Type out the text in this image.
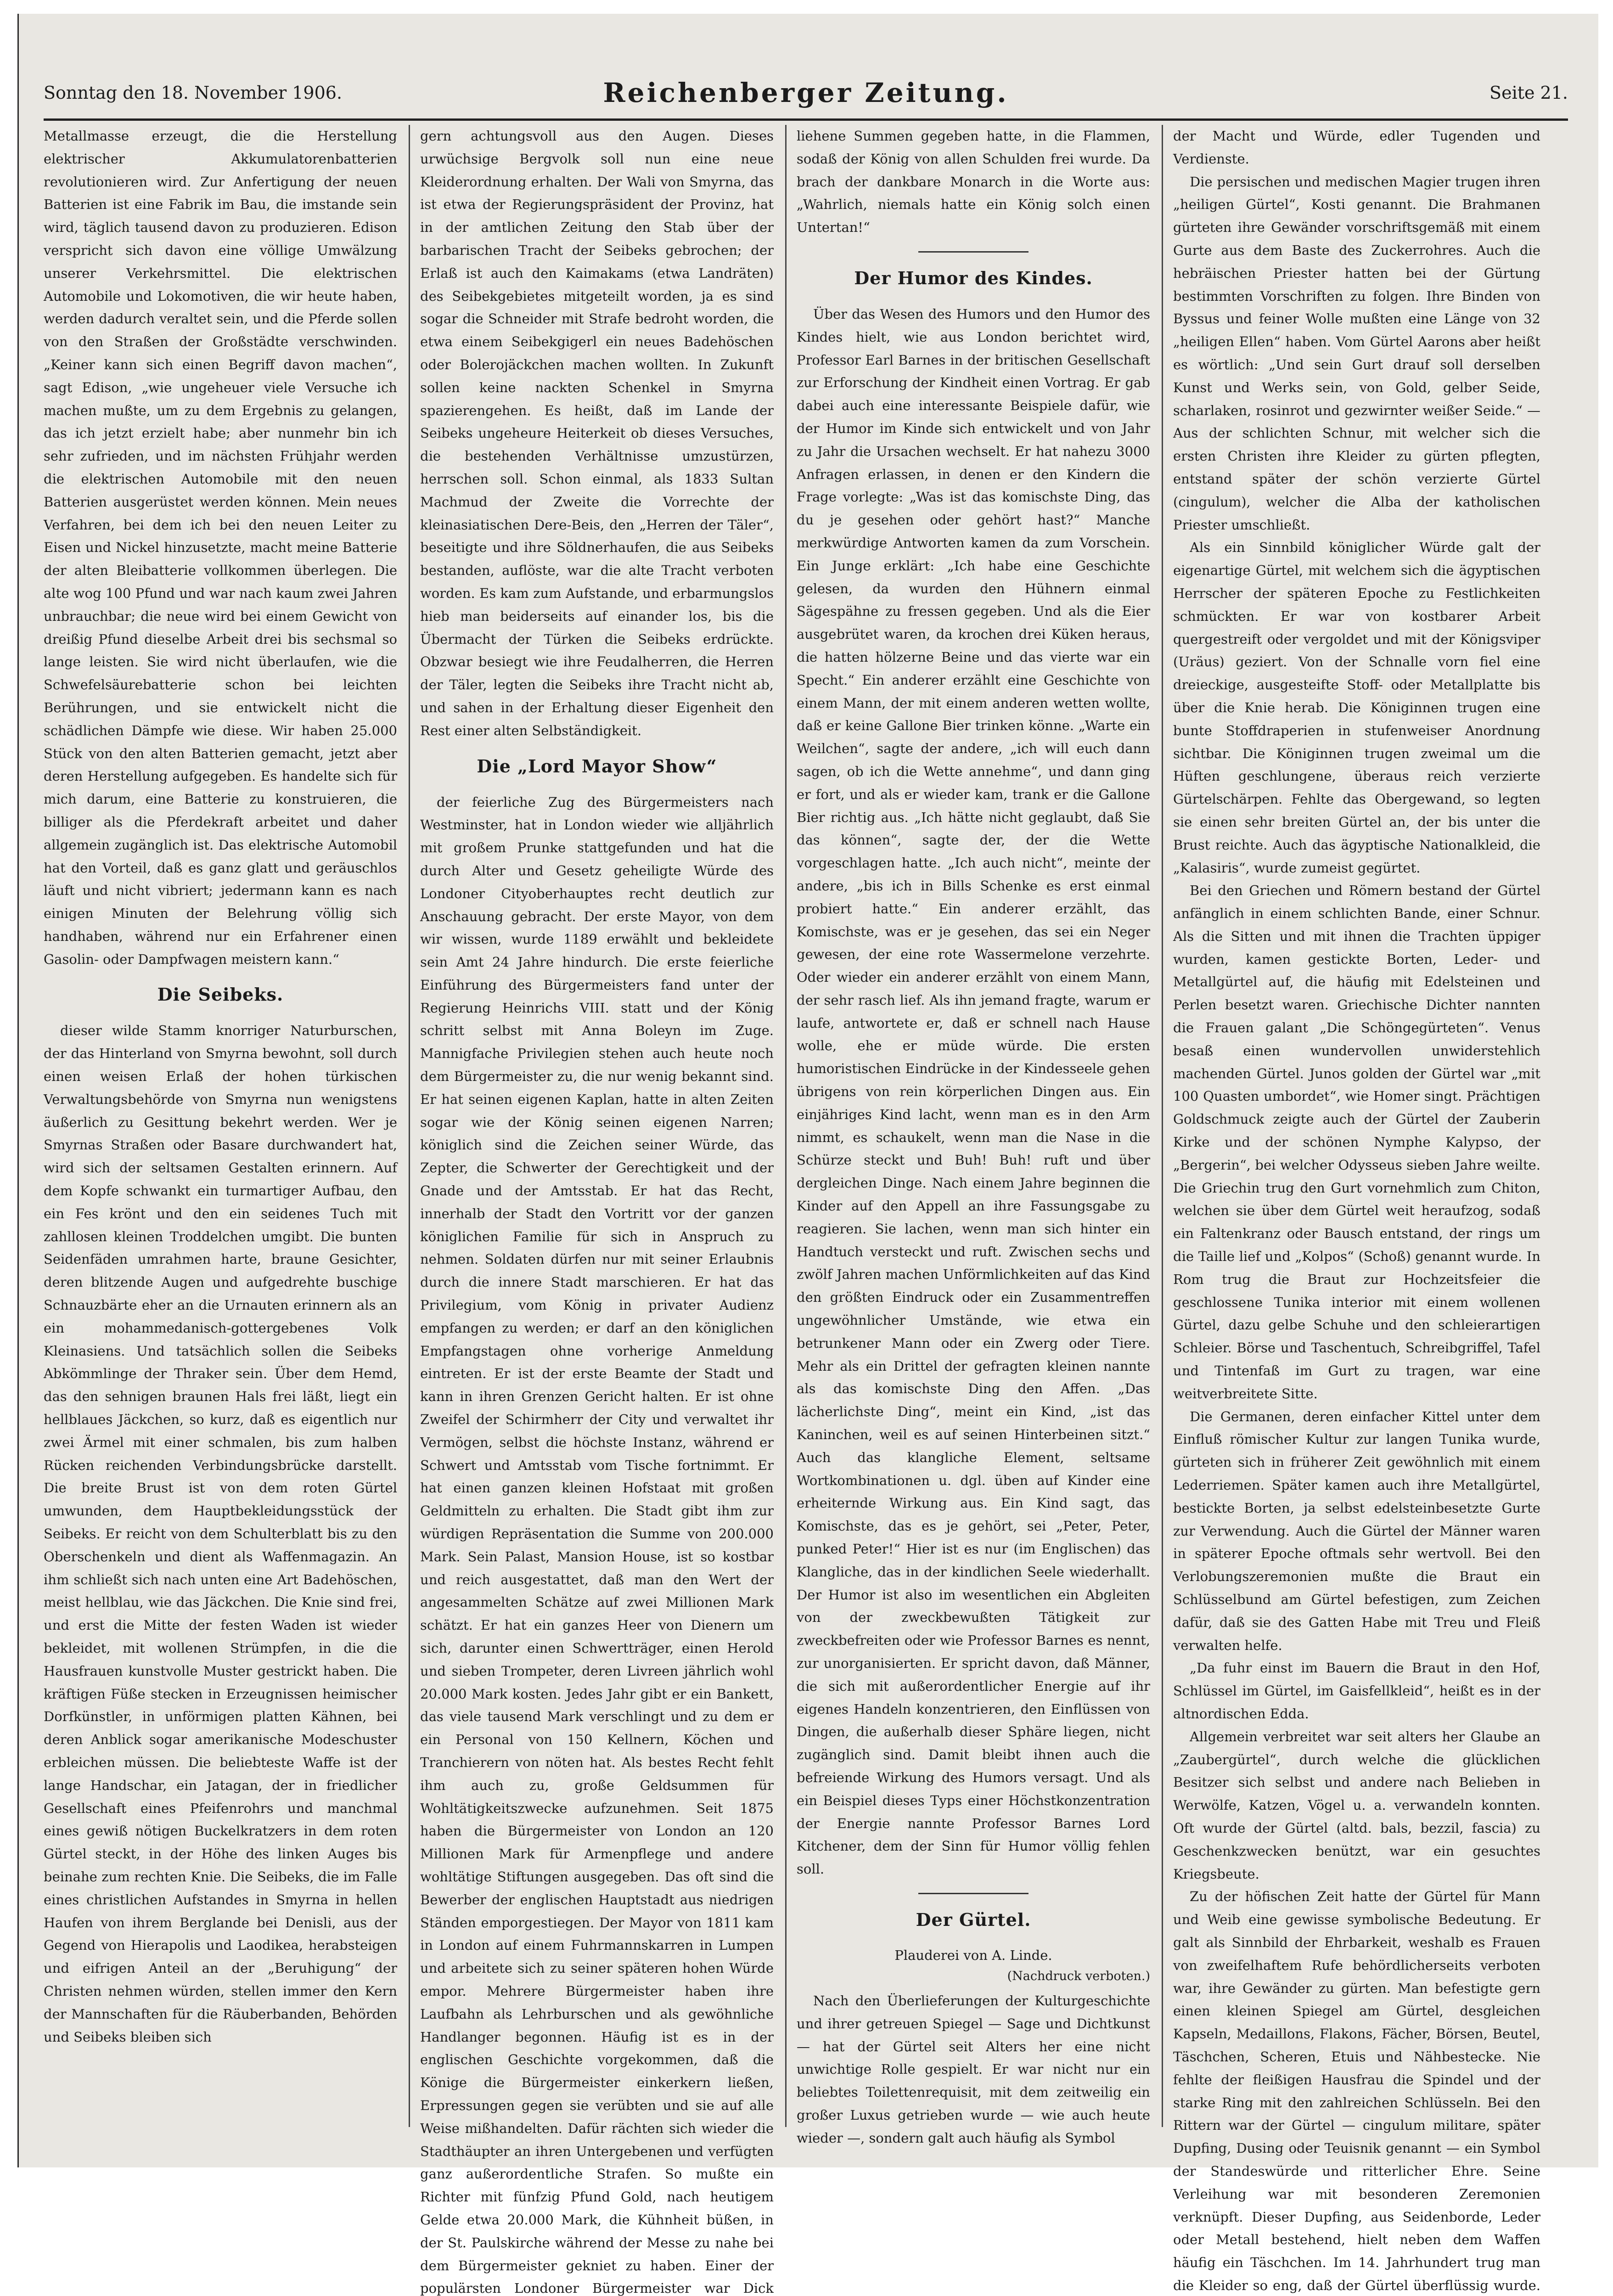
Sonntag den 18. November 1906.	Reichenberger Zeitung.	Seite 21.

Metallmasse erzeugt, die die Herstellung elektrischer Akkumulatorenbatterien revolutionieren wird. Zur Anfertigung der neuen Batterien ist eine Fabrik im Bau, die imstande sein wird, täglich tausend davon zu produzieren. Edison verspricht sich davon eine völlige Umwälzung unserer Verkehrsmittel. Die elektrischen Automobile und Lokomotiven, die wir heute haben, werden dadurch veraltet sein, und die Pferde sollen von den Straßen der Großstädte verschwinden. „Keiner kann sich einen Begriff davon machen“, sagt Edison, „wie ungeheuer viele Versuche ich machen mußte, um zu dem Ergebnis zu gelangen, das ich jetzt erzielt habe; aber nunmehr bin ich sehr zufrieden, und im nächsten Frühjahr werden die elektrischen Automobile mit den neuen Batterien ausgerüstet werden können. Mein neues Verfahren, bei dem ich bei den neuen Leiter zu Eisen und Nickel hinzusetzte, macht meine Batterie der alten Bleibatterie vollkommen überlegen. Die alte wog 100 Pfund und war nach kaum zwei Jahren unbrauchbar; die neue wird bei einem Gewicht von dreißig Pfund dieselbe Arbeit drei bis sechsmal so lange leisten. Sie wird nicht überlaufen, wie die Schwefelsäurebatterie schon bei leichten Berührungen, und sie entwickelt nicht die schädlichen Dämpfe wie diese. Wir haben 25.000 Stück von den alten Batterien gemacht, jetzt aber deren Herstellung aufgegeben. Es handelte sich für mich darum, eine Batterie zu konstruieren, die billiger als die Pferdekraft arbeitet und daher allgemein zugänglich ist. Das elektrische Automobil hat den Vorteil, daß es ganz glatt und geräuschlos läuft und nicht vibriert; jedermann kann es nach einigen Minuten der Belehrung völlig sich handhaben, während nur ein Erfahrener einen Gasolin- oder Dampfwagen meistern kann.“

Die Seibeks.

dieser wilde Stamm knorriger Naturburschen, der das Hinterland von Smyrna bewohnt, soll durch einen weisen Erlaß der hohen türkischen Verwaltungsbehörde von Smyrna nun wenigstens äußerlich zu Gesittung bekehrt werden. Wer je Smyrnas Straßen oder Basare durchwandert hat, wird sich der seltsamen Gestalten erinnern. Auf dem Kopfe schwankt ein turmartiger Aufbau, den ein Fes krönt und den ein seidenes Tuch mit zahllosen kleinen Troddelchen umgibt. Die bunten Seidenfäden umrahmen harte, braune Gesichter, deren blitzende Augen und aufgedrehte buschige Schnauzbärte eher an die Urnauten erinnern als an ein mohammedanisch-gottergebenes Volk Kleinasiens. Und tatsächlich sollen die Seibeks Abkömmlinge der Thraker sein. Über dem Hemd, das den sehnigen braunen Hals frei läßt, liegt ein hellblaues Jäckchen, so kurz, daß es eigentlich nur zwei Ärmel mit einer schmalen, bis zum halben Rücken reichenden Verbindungsbrücke darstellt. Die breite Brust ist von dem roten Gürtel umwunden, dem Hauptbekleidungsstück der Seibeks. Er reicht von dem Schulterblatt bis zu den Oberschenkeln und dient als Waffenmagazin. An ihm schließt sich nach unten eine Art Badehöschen, meist hellblau, wie das Jäckchen. Die Knie sind frei, und erst die Mitte der festen Waden ist wieder bekleidet, mit wollenen Strümpfen, in die die Hausfrauen kunstvolle Muster gestrickt haben. Die kräftigen Füße stecken in Erzeugnissen heimischer Dorfkünstler, in unförmigen platten Kähnen, bei deren Anblick sogar amerikanische Modeschuster erbleichen müssen. Die beliebteste Waffe ist der lange Handschar, ein Jatagan, der in friedlicher Gesellschaft eines Pfeifenrohrs und manchmal eines gewiß nötigen Buckelkratzers in dem roten Gürtel steckt, in der Höhe des linken Auges bis beinahe zum rechten Knie. Die Seibeks, die im Falle eines christlichen Aufstandes in Smyrna in hellen Haufen von ihrem Berglande bei Denisli, aus der Gegend von Hierapolis und Laodikea, herabsteigen und eifrigen Anteil an der „Beruhigung“ der Christen nehmen würden, stellen immer den Kern der Mannschaften für die Räuberbanden, Behörden und Seibeks bleiben sich

gern achtungsvoll aus den Augen. Dieses urwüchsige Bergvolk soll nun eine neue Kleiderordnung erhalten. Der Wali von Smyrna, das ist etwa der Regierungspräsident der Provinz, hat in der amtlichen Zeitung den Stab über der barbarischen Tracht der Seibeks gebrochen; der Erlaß ist auch den Kaimakams (etwa Landräten) des Seibekgebietes mitgeteilt worden, ja es sind sogar die Schneider mit Strafe bedroht worden, die etwa einem Seibekgigerl ein neues Badehöschen oder Bolerojäckchen machen wollten. In Zukunft sollen keine nackten Schenkel in Smyrna spazierengehen. Es heißt, daß im Lande der Seibeks ungeheure Heiterkeit ob dieses Versuches, die bestehenden Verhältnisse umzustürzen, herrschen soll. Schon einmal, als 1833 Sultan Machmud der Zweite die Vorrechte der kleinasiatischen Dere-Beis, den „Herren der Täler“, beseitigte und ihre Söldnerhaufen, die aus Seibeks bestanden, auflöste, war die alte Tracht verboten worden. Es kam zum Aufstande, und erbarmungslos hieb man beiderseits auf einander los, bis die Übermacht der Türken die Seibeks erdrückte. Obzwar besiegt wie ihre Feudalherren, die Herren der Täler, legten die Seibeks ihre Tracht nicht ab, und sahen in der Erhaltung dieser Eigenheit den Rest einer alten Selbständigkeit.

Die „Lord Mayor Show“

der feierliche Zug des Bürgermeisters nach Westminster, hat in London wieder wie alljährlich mit großem Prunke stattgefunden und hat die durch Alter und Gesetz geheiligte Würde des Londoner Cityoberhauptes recht deutlich zur Anschauung gebracht. Der erste Mayor, von dem wir wissen, wurde 1189 erwählt und bekleidete sein Amt 24 Jahre hindurch. Die erste feierliche Einführung des Bürgermeisters fand unter der Regierung Heinrichs VIII. statt und der König schritt selbst mit Anna Boleyn im Zuge. Mannigfache Privilegien stehen auch heute noch dem Bürgermeister zu, die nur wenig bekannt sind. Er hat seinen eigenen Kaplan, hatte in alten Zeiten sogar wie der König seinen eigenen Narren; königlich sind die Zeichen seiner Würde, das Zepter, die Schwerter der Gerechtigkeit und der Gnade und der Amtsstab. Er hat das Recht, innerhalb der Stadt den Vortritt vor der ganzen königlichen Familie für sich in Anspruch zu nehmen. Soldaten dürfen nur mit seiner Erlaubnis durch die innere Stadt marschieren. Er hat das Privilegium, vom König in privater Audienz empfangen zu werden; er darf an den königlichen Empfangstagen ohne vorherige Anmeldung eintreten. Er ist der erste Beamte der Stadt und kann in ihren Grenzen Gericht halten. Er ist ohne Zweifel der Schirmherr der City und verwaltet ihr Vermögen, selbst die höchste Instanz, während er Schwert und Amtsstab vom Tische fortnimmt. Er hat einen ganzen kleinen Hofstaat mit großen Geldmitteln zu erhalten. Die Stadt gibt ihm zur würdigen Repräsentation die Summe von 200.000 Mark. Sein Palast, Mansion House, ist so kostbar und reich ausgestattet, daß man den Wert der angesammelten Schätze auf zwei Millionen Mark schätzt. Er hat ein ganzes Heer von Dienern um sich, darunter einen Schwertträger, einen Herold und sieben Trompeter, deren Livreen jährlich wohl 20.000 Mark kosten. Jedes Jahr gibt er ein Bankett, das viele tausend Mark verschlingt und zu dem er ein Personal von 150 Kellnern, Köchen und Tranchierern von nöten hat. Als bestes Recht fehlt ihm auch zu, große Geldsummen für Wohltätigkeitszwecke aufzunehmen. Seit 1875 haben die Bürgermeister von London an 120 Millionen Mark für Armenpflege und andere wohltätige Stiftungen ausgegeben. Das oft sind die Bewerber der englischen Hauptstadt aus niedrigen Ständen emporgestiegen. Der Mayor von 1811 kam in London auf einem Fuhrmannskarren in Lumpen und arbeitete sich zu seiner späteren hohen Würde empor. Mehrere Bürgermeister haben ihre Laufbahn als Lehrburschen und als gewöhnliche Handlanger begonnen. Häufig ist es in der englischen Geschichte vorgekommen, daß die Könige die Bürgermeister einkerkern ließen, Erpressungen gegen sie verübten und sie auf alle Weise mißhandelten. Dafür rächten sich wieder die Stadthäupter an ihren Untergebenen und verfügten ganz außerordentliche Strafen. So mußte ein Richter mit fünfzig Pfund Gold, nach heutigem Gelde etwa 20.000 Mark, die Kühnheit büßen, in der St. Paulskirche während der Messe zu nahe bei dem Bürgermeister gekniet zu haben. Einer der populärsten Londoner Bürgermeister war Dick

liehene Summen gegeben hatte, in die Flammen, sodaß der König von allen Schulden frei wurde. Da brach der dankbare Monarch in die Worte aus: „Wahrlich, niemals hatte ein König solch einen Untertan!“

Der Humor des Kindes.

Über das Wesen des Humors und den Humor des Kindes hielt, wie aus London berichtet wird, Professor Earl Barnes in der britischen Gesellschaft zur Erforschung der Kindheit einen Vortrag. Er gab dabei auch eine interessante Beispiele dafür, wie der Humor im Kinde sich entwickelt und von Jahr zu Jahr die Ursachen wechselt. Er hat nahezu 3000 Anfragen erlassen, in denen er den Kindern die Frage vorlegte: „Was ist das komischste Ding, das du je gesehen oder gehört hast?“ Manche merkwürdige Antworten kamen da zum Vorschein. Ein Junge erklärt: „Ich habe eine Geschichte gelesen, da wurden den Hühnern einmal Sägespähne zu fressen gegeben. Und als die Eier ausgebrütet waren, da krochen drei Küken heraus, die hatten hölzerne Beine und das vierte war ein Specht.“ Ein anderer erzählt eine Geschichte von einem Mann, der mit einem anderen wetten wollte, daß er keine Gallone Bier trinken könne. „Warte ein Weilchen“, sagte der andere, „ich will euch dann sagen, ob ich die Wette annehme“, und dann ging er fort, und als er wieder kam, trank er die Gallone Bier richtig aus. „Ich hätte nicht geglaubt, daß Sie das können“, sagte der, der die Wette vorgeschlagen hatte. „Ich auch nicht“, meinte der andere, „bis ich in Bills Schenke es erst einmal probiert hatte.“ Ein anderer erzählt, das Komischste, was er je gesehen, das sei ein Neger gewesen, der eine rote Wassermelone verzehrte. Oder wieder ein anderer erzählt von einem Mann, der sehr rasch lief. Als ihn jemand fragte, warum er laufe, antwortete er, daß er schnell nach Hause wolle, ehe er müde würde. Die ersten humoristischen Eindrücke in der Kindesseele gehen übrigens von rein körperlichen Dingen aus. Ein einjähriges Kind lacht, wenn man es in den Arm nimmt, es schaukelt, wenn man die Nase in die Schürze steckt und Buh! Buh! ruft und über dergleichen Dinge. Nach einem Jahre beginnen die Kinder auf den Appell an ihre Fassungsgabe zu reagieren. Sie lachen, wenn man sich hinter ein Handtuch versteckt und ruft. Zwischen sechs und zwölf Jahren machen Unförmlichkeiten auf das Kind den größten Eindruck oder ein Zusammentreffen ungewöhnlicher Umstände, wie etwa ein betrunkener Mann oder ein Zwerg oder Tiere. Mehr als ein Drittel der gefragten kleinen nannte als das komischste Ding den Affen. „Das lächerlichste Ding“, meint ein Kind, „ist das Kaninchen, weil es auf seinen Hinterbeinen sitzt.“ Auch das klangliche Element, seltsame Wortkombinationen u. dgl. üben auf Kinder eine erheiternde Wirkung aus. Ein Kind sagt, das Komischste, das es je gehört, sei „Peter, Peter, punked Peter!“ Hier ist es nur (im Englischen) das Klangliche, das in der kindlichen Seele wiederhallt. Der Humor ist also im wesentlichen ein Abgleiten von der zweckbewußten Tätigkeit zur zweckbefreiten oder wie Professor Barnes es nennt, zur unorganisierten. Er spricht davon, daß Männer, die sich mit außerordentlicher Energie auf ihr eigenes Handeln konzentrieren, den Einflüssen von Dingen, die außerhalb dieser Sphäre liegen, nicht zugänglich sind. Damit bleibt ihnen auch die befreiende Wirkung des Humors versagt. Und als ein Beispiel dieses Typs einer Höchstkonzentration der Energie nannte Professor Barnes Lord Kitchener, dem der Sinn für Humor völlig fehlen soll.

Der Gürtel.
Plauderei von A. Linde.
(Nachdruck verboten.)

Nach den Überlieferungen der Kulturgeschichte und ihrer getreuen Spiegel — Sage und Dichtkunst — hat der Gürtel seit Alters her eine nicht unwichtige Rolle gespielt. Er war nicht nur ein beliebtes Toilettenrequisit, mit dem zeitweilig ein großer Luxus getrieben wurde — wie auch heute wieder —, sondern galt auch häufig als Symbol

der Macht und Würde, edler Tugenden und Verdienste.

Die persischen und medischen Magier trugen ihren „heiligen Gürtel“, Kosti genannt. Die Brahmanen gürteten ihre Gewänder vorschriftsgemäß mit einem Gurte aus dem Baste des Zuckerrohres. Auch die hebräischen Priester hatten bei der Gürtung bestimmten Vorschriften zu folgen. Ihre Binden von Byssus und feiner Wolle mußten eine Länge von 32 „heiligen Ellen“ haben. Vom Gürtel Aarons aber heißt es wörtlich: „Und sein Gurt drauf soll derselben Kunst und Werks sein, von Gold, gelber Seide, scharlaken, rosinrot und gezwirnter weißer Seide.“ — Aus der schlichten Schnur, mit welcher sich die ersten Christen ihre Kleider zu gürten pflegten, entstand später der schön verzierte Gürtel (cingulum), welcher die Alba der katholischen Priester umschließt.

Als ein Sinnbild königlicher Würde galt der eigenartige Gürtel, mit welchem sich die ägyptischen Herrscher der späteren Epoche zu Festlichkeiten schmückten. Er war von kostbarer Arbeit quergestreift oder vergoldet und mit der Königsviper (Uräus) geziert. Von der Schnalle vorn fiel eine dreieckige, ausgesteifte Stoff- oder Metallplatte bis über die Knie herab. Die Königinnen trugen eine bunte Stoffdraperien in stufenweiser Anordnung sichtbar. Die Königinnen trugen zweimal um die Hüften geschlungene, überaus reich verzierte Gürtelschärpen. Fehlte das Obergewand, so legten sie einen sehr breiten Gürtel an, der bis unter die Brust reichte. Auch das ägyptische Nationalkleid, die „Kalasiris“, wurde zumeist gegürtet.

Bei den Griechen und Römern bestand der Gürtel anfänglich in einem schlichten Bande, einer Schnur. Als die Sitten und mit ihnen die Trachten üppiger wurden, kamen gestickte Borten, Leder- und Metallgürtel auf, die häufig mit Edelsteinen und Perlen besetzt waren. Griechische Dichter nannten die Frauen galant „Die Schöngegürteten“. Venus besaß einen wundervollen unwiderstehlich machenden Gürtel. Junos golden der Gürtel war „mit 100 Quasten umbordet“, wie Homer singt. Prächtigen Goldschmuck zeigte auch der Gürtel der Zauberin Kirke und der schönen Nymphe Kalypso, der „Bergerin“, bei welcher Odysseus sieben Jahre weilte. Die Griechin trug den Gurt vornehmlich zum Chiton, welchen sie über dem Gürtel weit heraufzog, sodaß ein Faltenkranz oder Bausch entstand, der rings um die Taille lief und „Kolpos“ (Schoß) genannt wurde. In Rom trug die Braut zur Hochzeitsfeier die geschlossene Tunika interior mit einem wollenen Gürtel, dazu gelbe Schuhe und den schleierartigen Schleier. Börse und Taschentuch, Schreibgriffel, Tafel und Tintenfaß im Gurt zu tragen, war eine weitverbreitete Sitte.

Die Germanen, deren einfacher Kittel unter dem Einfluß römischer Kultur zur langen Tunika wurde, gürteten sich in früherer Zeit gewöhnlich mit einem Lederriemen. Später kamen auch ihre Metallgürtel, bestickte Borten, ja selbst edelsteinbesetzte Gurte zur Verwendung. Auch die Gürtel der Männer waren in späterer Epoche oftmals sehr wertvoll. Bei den Verlobungszeremonien mußte die Braut ein Schlüsselbund am Gürtel befestigen, zum Zeichen dafür, daß sie des Gatten Habe mit Treu und Fleiß verwalten helfe.

„Da fuhr einst im Bauern die Braut in den Hof, Schlüssel im Gürtel, im Gaisfellkleid“, heißt es in der altnordischen Edda.

Allgemein verbreitet war seit alters her Glaube an „Zaubergürtel“, durch welche die glücklichen Besitzer sich selbst und andere nach Belieben in Werwölfe, Katzen, Vögel u. a. verwandeln konnten. Oft wurde der Gürtel (altd. bals, bezzil, fascia) zu Geschenkzwecken benützt, war ein gesuchtes Kriegsbeute.

Zu der höfischen Zeit hatte der Gürtel für Mann und Weib eine gewisse symbolische Bedeutung. Er galt als Sinnbild der Ehrbarkeit, weshalb es Frauen von zweifelhaftem Rufe behördlicherseits verboten war, ihre Gewänder zu gürten. Man befestigte gern einen kleinen Spiegel am Gürtel, desgleichen Kapseln, Medaillons, Flakons, Fächer, Börsen, Beutel, Täschchen, Scheren, Etuis und Nähbestecke. Nie fehlte der fleißigen Hausfrau die Spindel und der starke Ring mit den zahlreichen Schlüsseln. Bei den Rittern war der Gürtel — cingulum militare, später Dupfing, Dusing oder Teuisnik genannt — ein Symbol der Standeswürde und ritterlicher Ehre. Seine Verleihung war mit besonderen Zeremonien verknüpft. Dieser Dupfing, aus Seidenborde, Leder oder Metall bestehend, hielt neben dem Waffen häufig ein Täschchen. Im 14. Jahrhundert trug man die Kleider so eng, daß der Gürtel überflüssig wurde.
